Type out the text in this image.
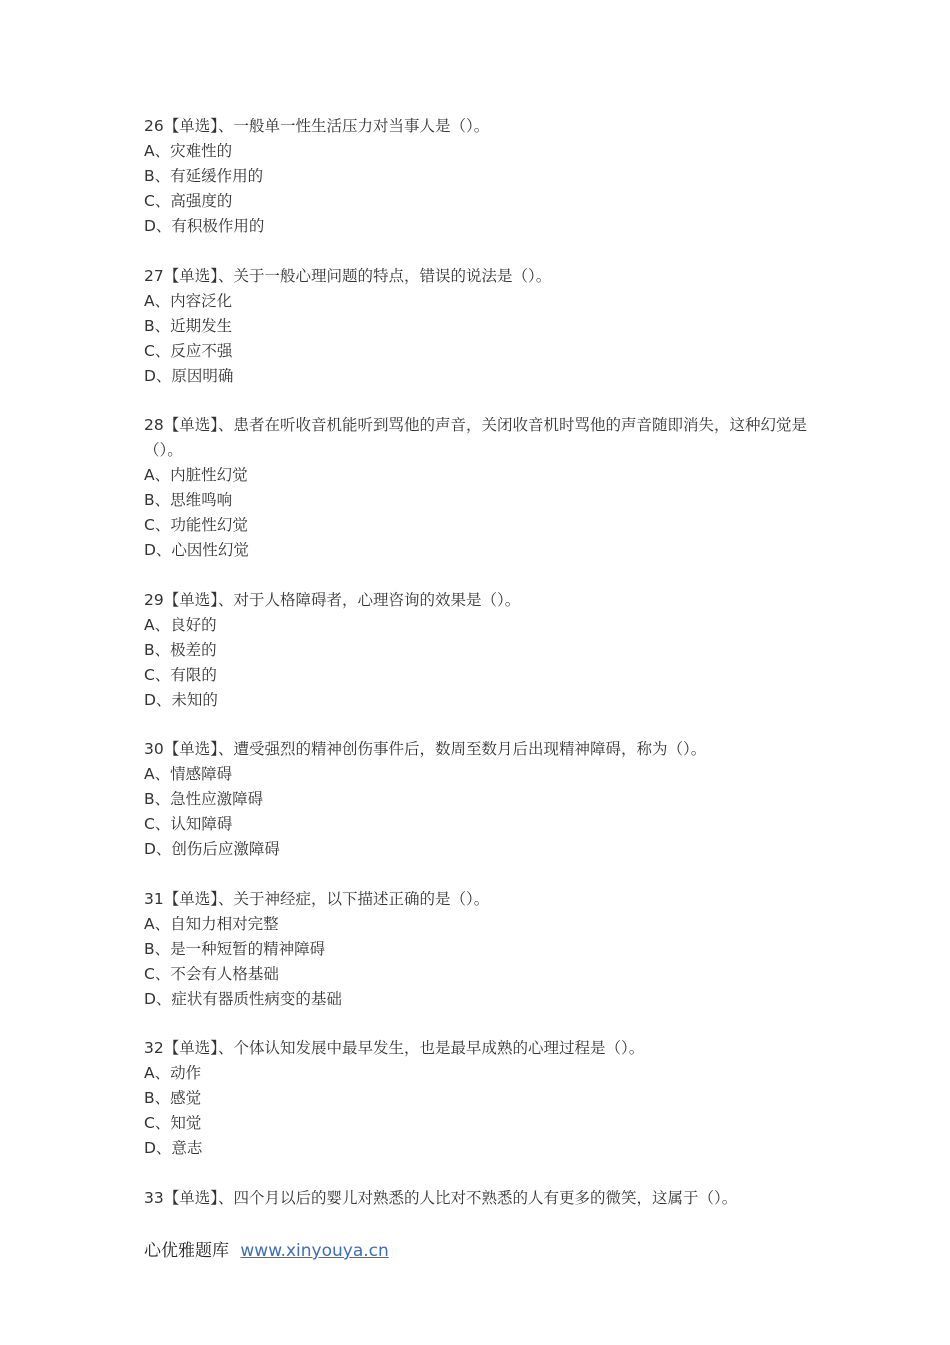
26【单选】、一般单一性生活压力对当事人是（）。
A、灾难性的
B、有延缓作用的
C、高强度的
D、有积极作用的
27【单选】、关于一般心理问题的特点，错误的说法是（）。
A、内容泛化
B、近期发生
C、反应不强
D、原因明确
28【单选】、患者在听收音机能听到骂他的声音，关闭收音机时骂他的声音随即消失，这种幻觉是（）。
A、内脏性幻觉
B、思维鸣响
C、功能性幻觉
D、心因性幻觉
29【单选】、对于人格障碍者，心理咨询的效果是（）。
A、良好的
B、极差的
C、有限的
D、未知的
30【单选】、遭受强烈的精神创伤事件后，数周至数月后出现精神障碍，称为（）。
A、情感障碍
B、急性应激障碍
C、认知障碍
D、创伤后应激障碍
31【单选】、关于神经症，以下描述正确的是（）。
A、自知力相对完整
B、是一种短暂的精神障碍
C、不会有人格基础
D、症状有器质性病变的基础
32【单选】、个体认知发展中最早发生，也是最早成熟的心理过程是（）。
A、动作
B、感觉
C、知觉
D、意志
33【单选】、四个月以后的婴儿对熟悉的人比对不熟悉的人有更多的微笑，这属于（）。
心优雅题库 www.xinyouya.cn
